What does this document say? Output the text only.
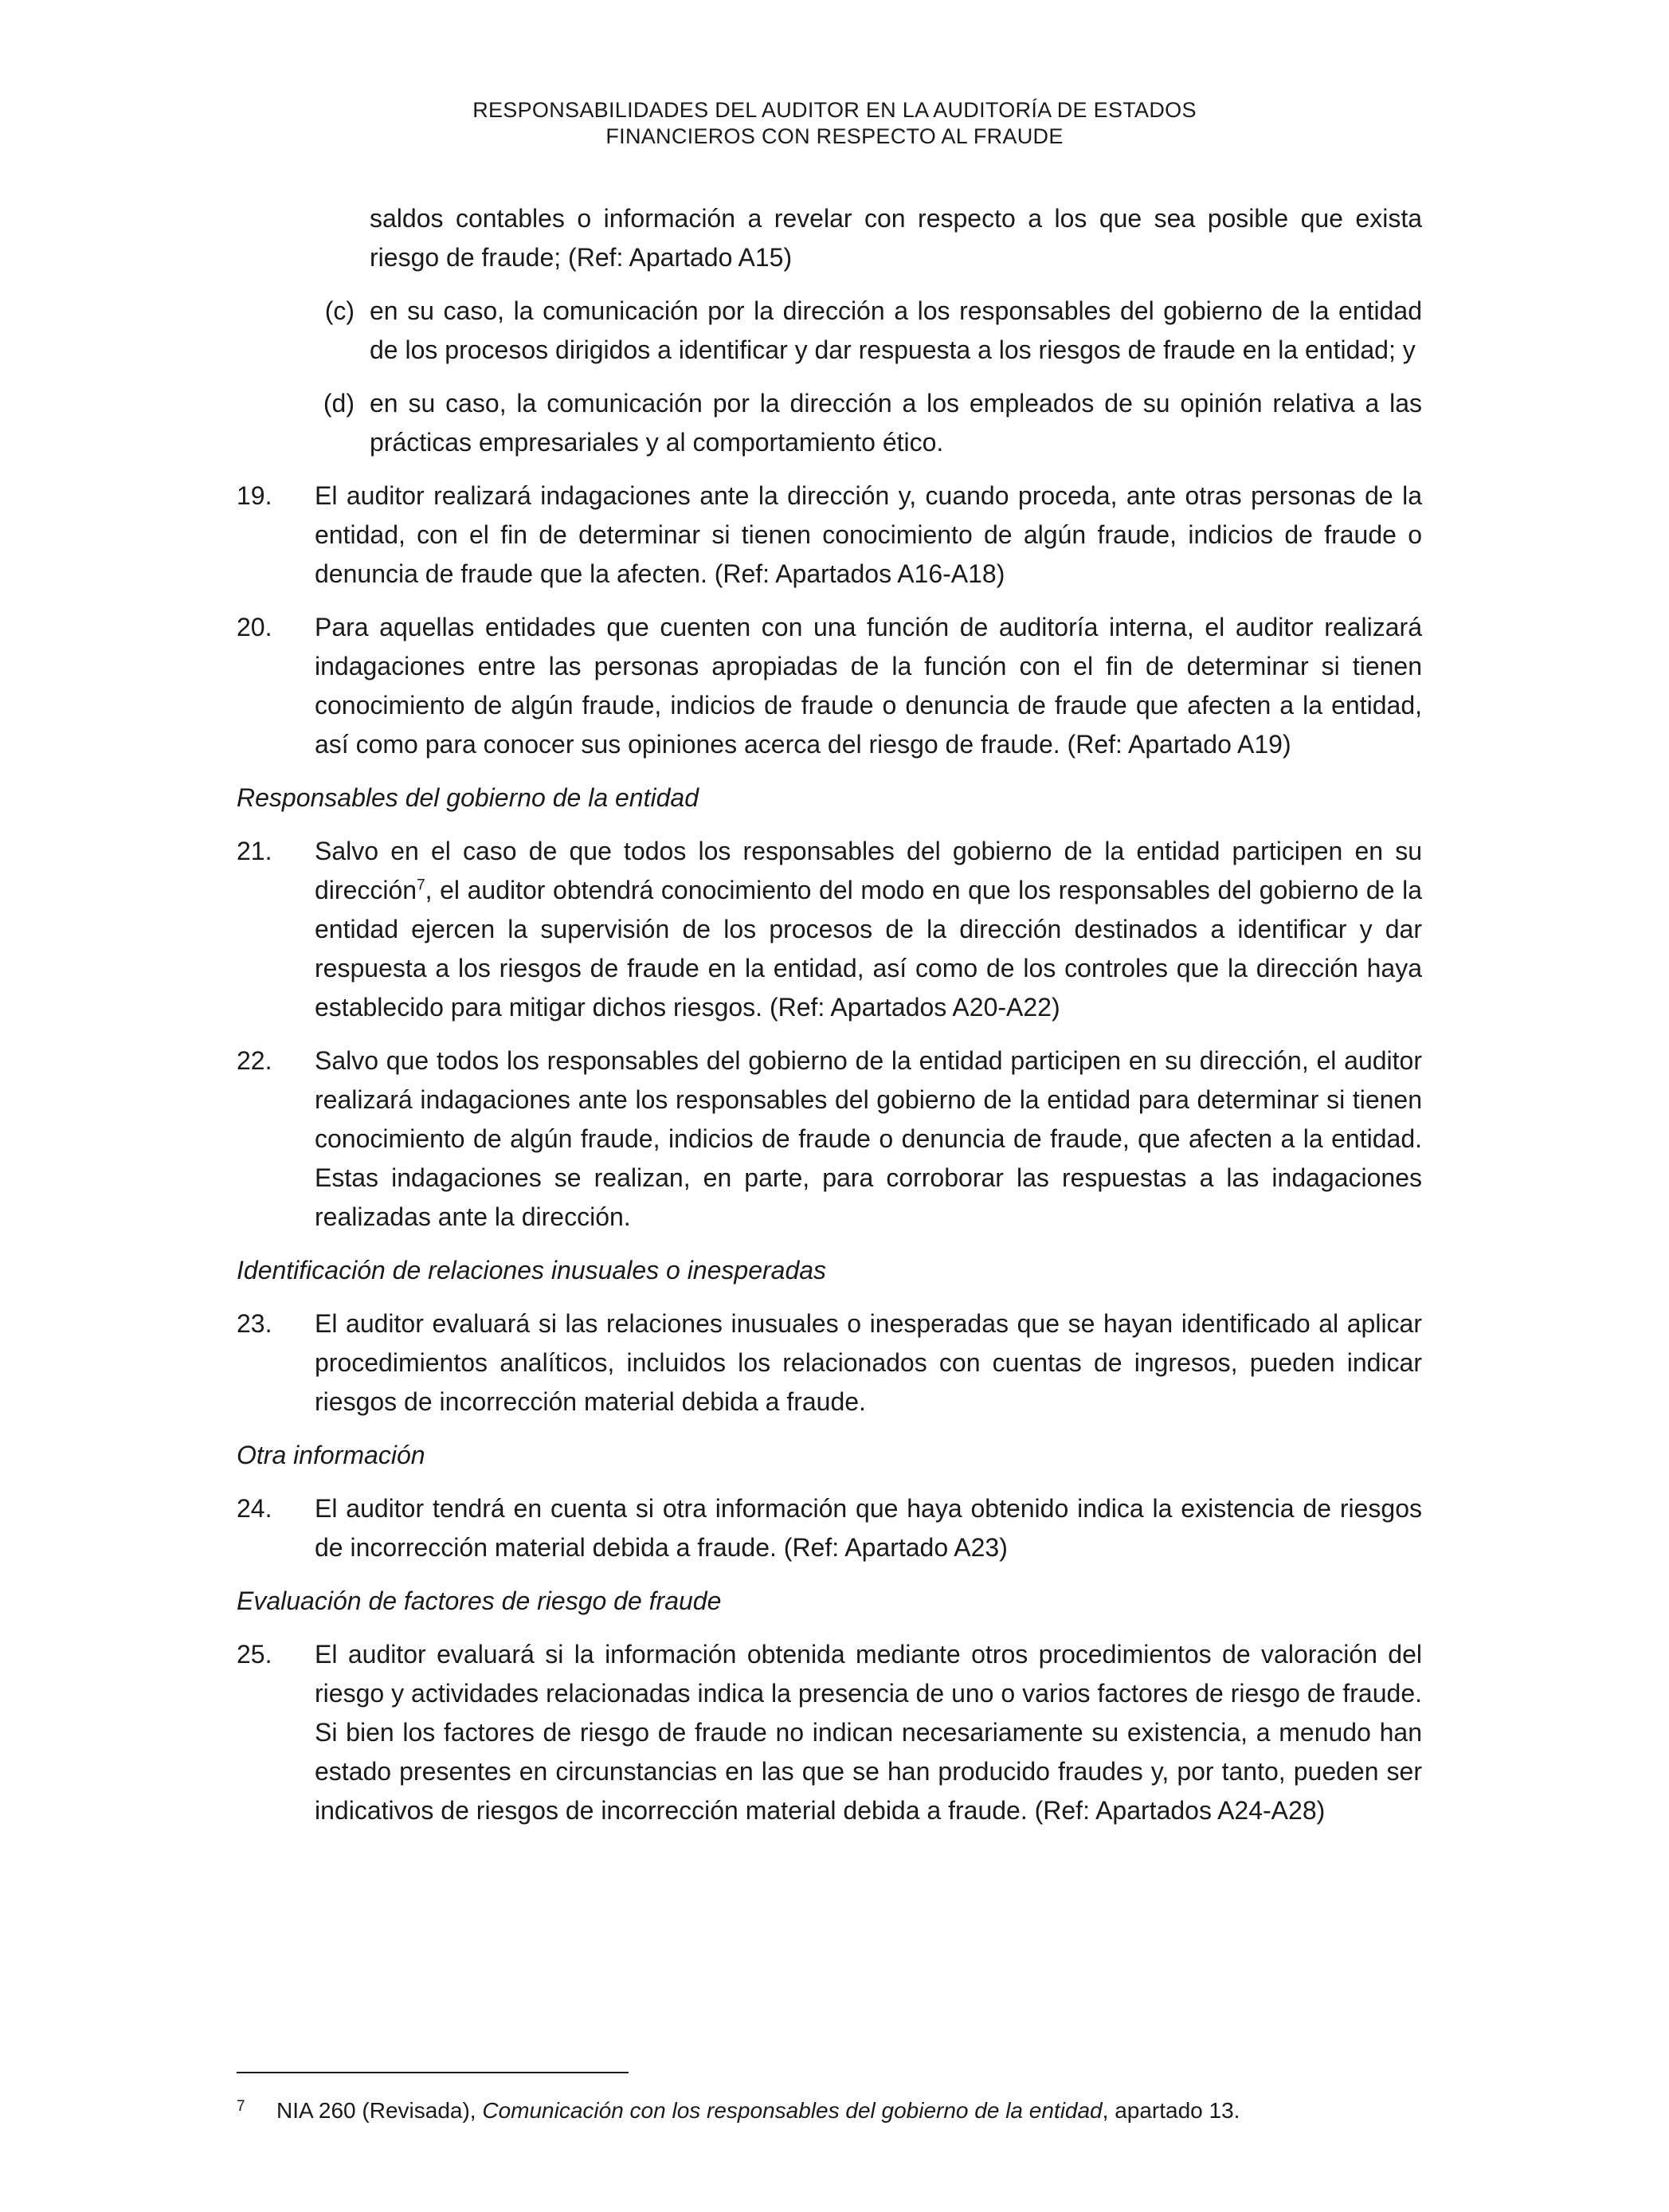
RESPONSABILIDADES DEL AUDITOR EN LA AUDITORÍA DE ESTADOS
FINANCIEROS CON RESPECTO AL FRAUDE

saldos contables o información a revelar con respecto a los que sea posible que exista riesgo de fraude; (Ref: Apartado A15)

(c) en su caso, la comunicación por la dirección a los responsables del gobierno de la entidad de los procesos dirigidos a identificar y dar respuesta a los riesgos de fraude en la entidad; y

(d) en su caso, la comunicación por la dirección a los empleados de su opinión relativa a las prácticas empresariales y al comportamiento ético.

19.	El auditor realizará indagaciones ante la dirección y, cuando proceda, ante otras personas de la entidad, con el fin de determinar si tienen conocimiento de algún fraude, indicios de fraude o denuncia de fraude que la afecten. (Ref: Apartados A16-A18)

20.	Para aquellas entidades que cuenten con una función de auditoría interna, el auditor realizará indagaciones entre las personas apropiadas de la función con el fin de determinar si tienen conocimiento de algún fraude, indicios de fraude o denuncia de fraude que afecten a la entidad, así como para conocer sus opiniones acerca del riesgo de fraude. (Ref: Apartado A19)

Responsables del gobierno de la entidad

21.	Salvo en el caso de que todos los responsables del gobierno de la entidad participen en su dirección$^7$, el auditor obtendrá conocimiento del modo en que los responsables del gobierno de la entidad ejercen la supervisión de los procesos de la dirección destinados a identificar y dar respuesta a los riesgos de fraude en la entidad, así como de los controles que la dirección haya establecido para mitigar dichos riesgos. (Ref: Apartados A20-A22)

22.	Salvo que todos los responsables del gobierno de la entidad participen en su dirección, el auditor realizará indagaciones ante los responsables del gobierno de la entidad para determinar si tienen conocimiento de algún fraude, indicios de fraude o denuncia de fraude, que afecten a la entidad. Estas indagaciones se realizan, en parte, para corroborar las respuestas a las indagaciones realizadas ante la dirección.

Identificación de relaciones inusuales o inesperadas

23.	El auditor evaluará si las relaciones inusuales o inesperadas que se hayan identificado al aplicar procedimientos analíticos, incluidos los relacionados con cuentas de ingresos, pueden indicar riesgos de incorrección material debida a fraude.

Otra información

24.	El auditor tendrá en cuenta si otra información que haya obtenido indica la existencia de riesgos de incorrección material debida a fraude. (Ref: Apartado A23)

Evaluación de factores de riesgo de fraude

25.	El auditor evaluará si la información obtenida mediante otros procedimientos de valoración del riesgo y actividades relacionadas indica la presencia de uno o varios factores de riesgo de fraude. Si bien los factores de riesgo de fraude no indican necesariamente su existencia, a menudo han estado presentes en circunstancias en las que se han producido fraudes y, por tanto, pueden ser indicativos de riesgos de incorrección material debida a fraude. (Ref: Apartados A24-A28)

7	NIA 260 (Revisada), Comunicación con los responsables del gobierno de la entidad, apartado 13.
